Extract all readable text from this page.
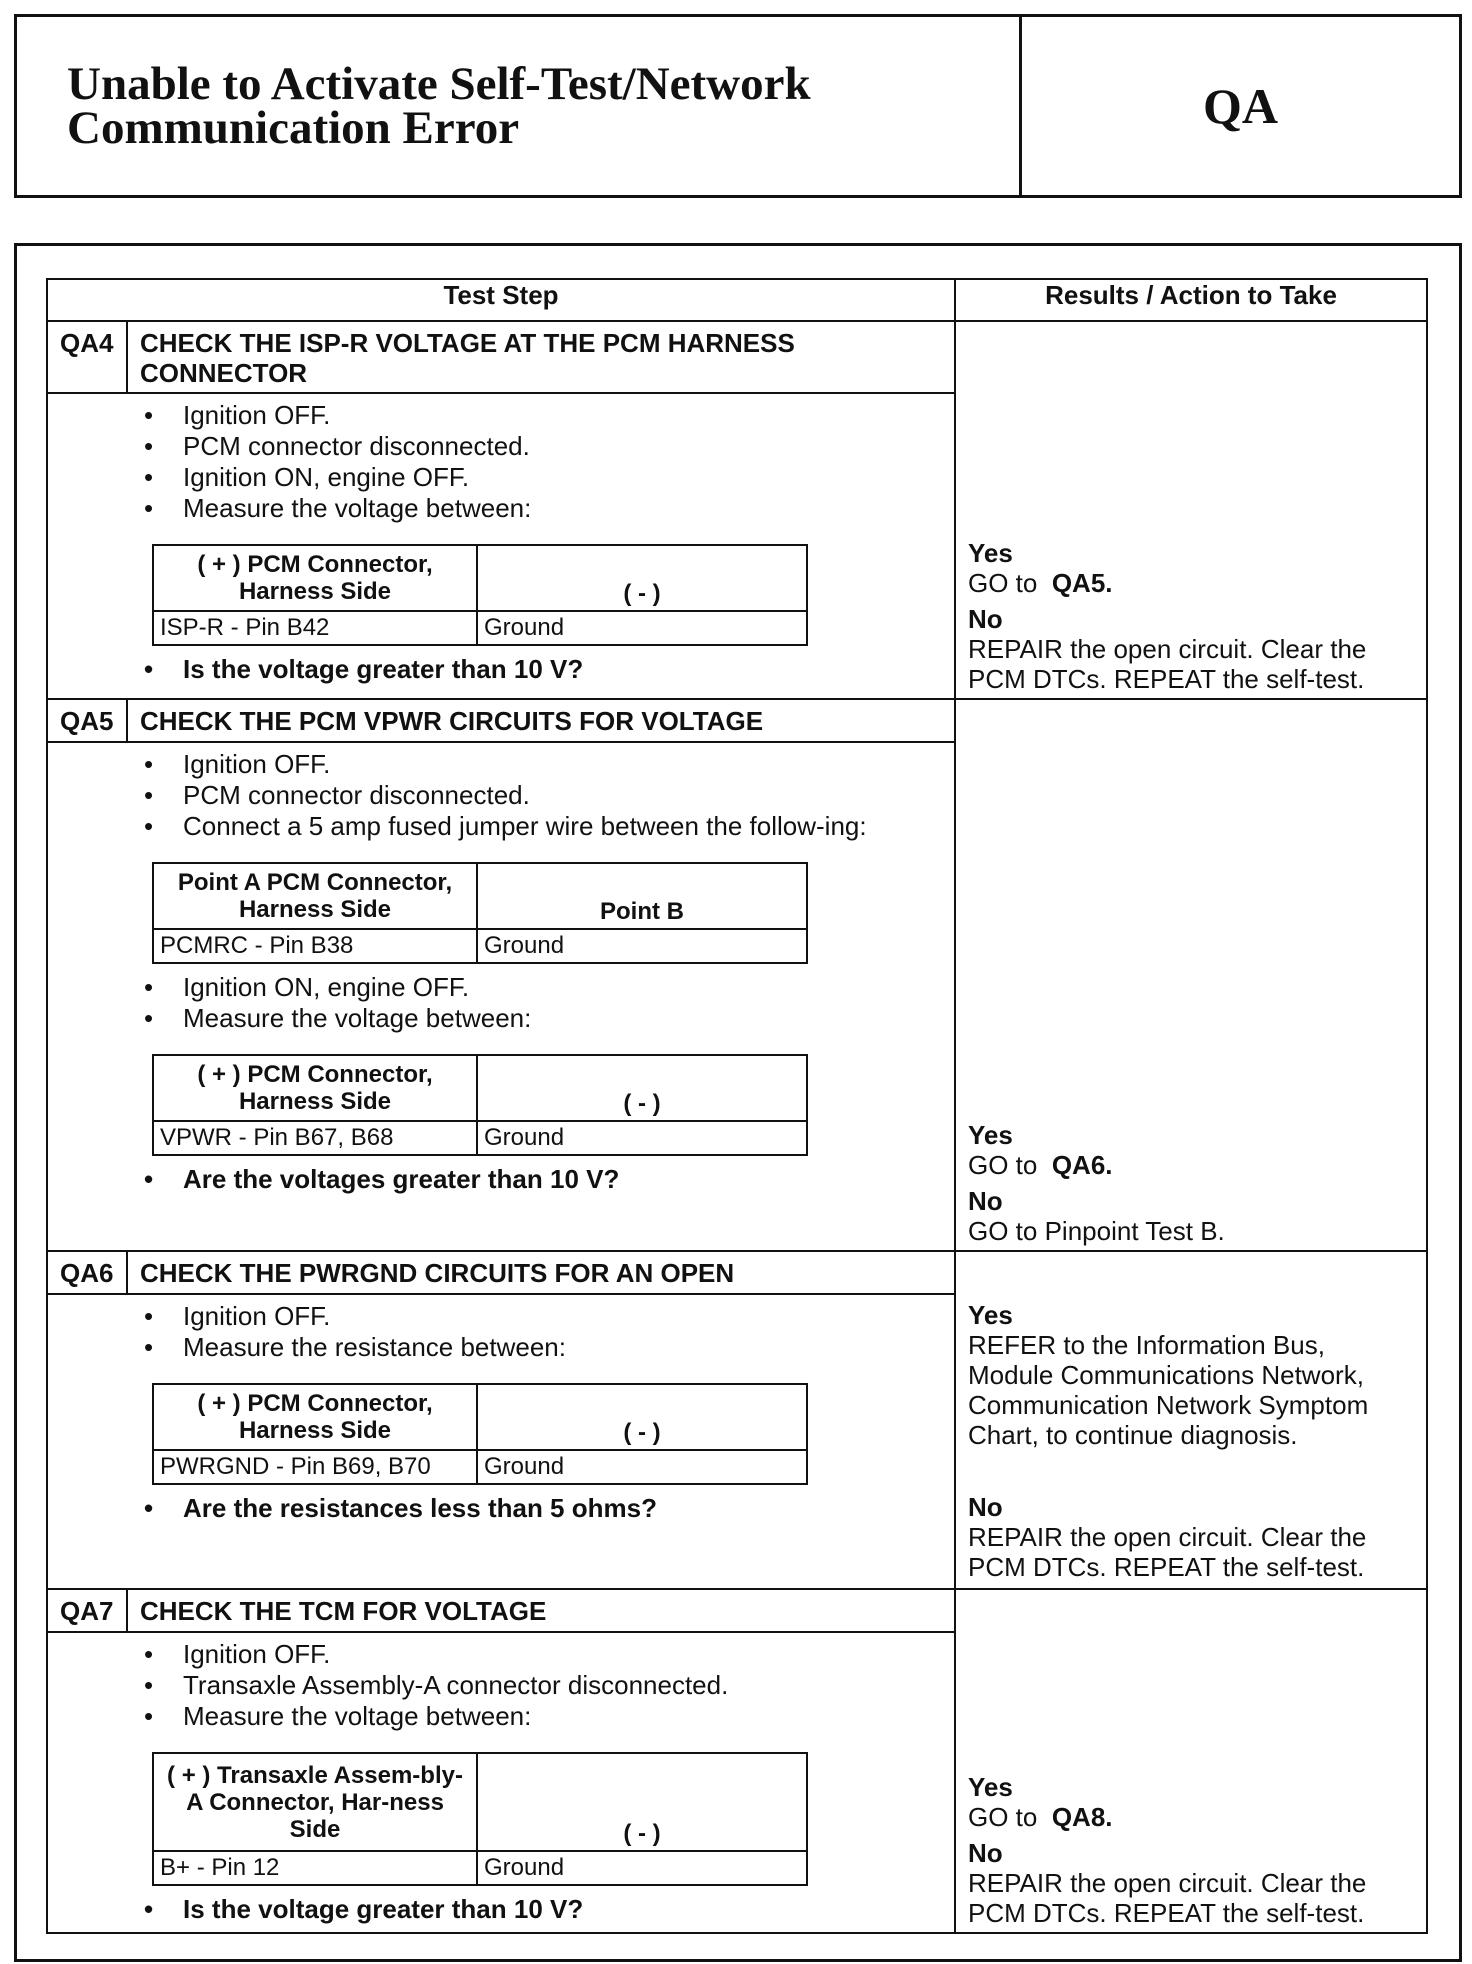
Unable to Activate Self-Test/Network
Communication Error	QA
Test Step	Results / Action to Take

QA4	CHECK THE ISP-R VOLTAGE AT THE PCM HARNESS CONNECTOR
• Ignition OFF.
• PCM connector disconnected.
• Ignition ON, engine OFF.
• Measure the voltage between:
( + ) PCM Connector, Harness Side	( - )
ISP-R - Pin B42	Ground
• Is the voltage greater than 10 V?

Yes
GO to QA5.
No
REPAIR the open circuit. Clear the PCM DTCs. REPEAT the self-test.

QA5	CHECK THE PCM VPWR CIRCUITS FOR VOLTAGE
• Ignition OFF.
• PCM connector disconnected.
• Connect a 5 amp fused jumper wire between the follow-ing:
Point A PCM Connector, Harness Side	Point B
PCMRC - Pin B38	Ground
• Ignition ON, engine OFF.
• Measure the voltage between:
( + ) PCM Connector, Harness Side	( - )
VPWR - Pin B67, B68	Ground
• Are the voltages greater than 10 V?

Yes
GO to QA6.
No
GO to Pinpoint Test B.

QA6	CHECK THE PWRGND CIRCUITS FOR AN OPEN
• Ignition OFF.
• Measure the resistance between:
( + ) PCM Connector, Harness Side	( - )
PWRGND - Pin B69, B70	Ground
• Are the resistances less than 5 ohms?

Yes
REFER to the Information Bus, Module Communications Network, Communication Network Symptom Chart, to continue diagnosis.
No
REPAIR the open circuit. Clear the PCM DTCs. REPEAT the self-test.

QA7	CHECK THE TCM FOR VOLTAGE
• Ignition OFF.
• Transaxle Assembly-A connector disconnected.
• Measure the voltage between:
( + ) Transaxle Assem-bly-A Connector, Har-ness Side	( - )
B+ - Pin 12	Ground
• Is the voltage greater than 10 V?

Yes
GO to QA8.
No
REPAIR the open circuit. Clear the PCM DTCs. REPEAT the self-test.
